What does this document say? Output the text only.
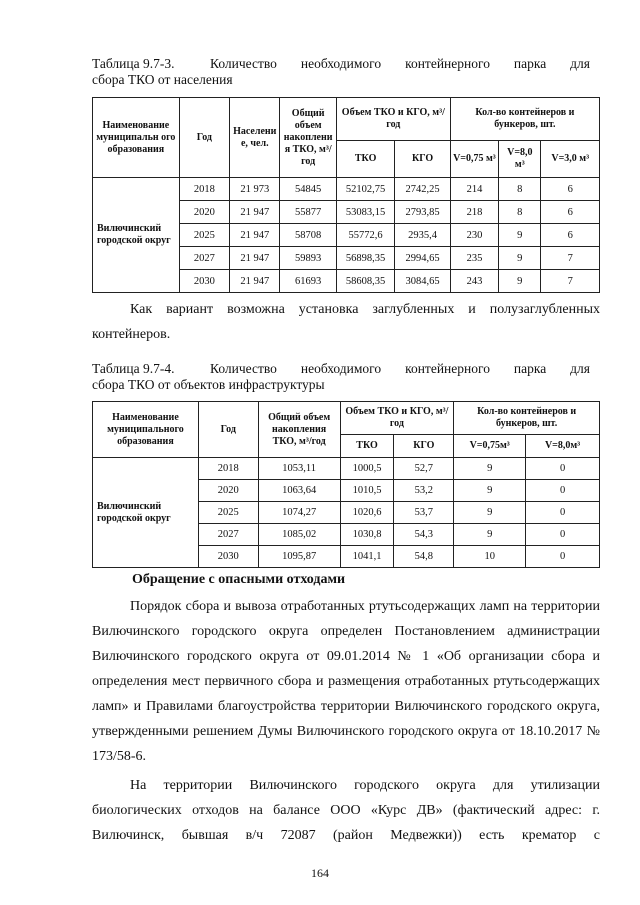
Таблица 9.7-3.	Количество необходимого контейнерного парка для

сбора ТКО от населения

Наименование муниципальн ого образования	Год	Населени е, чел.	Общий объем накоплени я ТКО, м³/год	Объем ТКО и КГО, м³/год		Кол-во контейнеров и бункеров, шт.		
				ТКО	КГО	V=0,75 м³	V=8,0 м³	V=3,0 м³
Вилючинский городской округ	2018	21 973	54845	52102,75	2742,25	214	8	6
	2020	21 947	55877	53083,15	2793,85	218	8	6
	2025	21 947	58708	55772,6	2935,4	230	9	6
	2027	21 947	59893	56898,35	2994,65	235	9	7
	2030	21 947	61693	58608,35	3084,65	243	9	7

Как вариант возможна установка заглубленных и полузаглубленных контейнеров.

Таблица 9.7-4.	Количество необходимого контейнерного парка для

сбора ТКО от объектов инфраструктуры

Наименование муниципального образования	Год	Общий объем накопления ТКО, м³/год	Объем ТКО и КГО, м³/год		Кол-во контейнеров и бункеров, шт.	
			ТКО	КГО	V=0,75м³	V=8,0м³
Вилючинский городской округ	2018	1053,11	1000,5	52,7	9	0
	2020	1063,64	1010,5	53,2	9	0
	2025	1074,27	1020,6	53,7	9	0
	2027	1085,02	1030,8	54,3	9	0
	2030	1095,87	1041,1	54,8	10	0
Обращение с опасными отходами

Порядок сбора и вывоза отработанных ртутьсодержащих ламп на территории Вилючинского городского округа определен Постановлением администрации Вилючинского городского округа от 09.01.2014 № 1 «Об организации сбора и определения мест первичного сбора и размещения отработанных ртутьсодержащих ламп» и Правилами благоустройства территории Вилючинского городского округа, утвержденными решением Думы Вилючинского городского округа от 18.10.2017 № 173/58-6.

На территории Вилючинского городского округа для утилизации биологических отходов на балансе ООО «Курс ДВ» (фактический адрес: г. Вилючинск, бывшая в/ч 72087 (район Медвежки)) есть крематор с

164
